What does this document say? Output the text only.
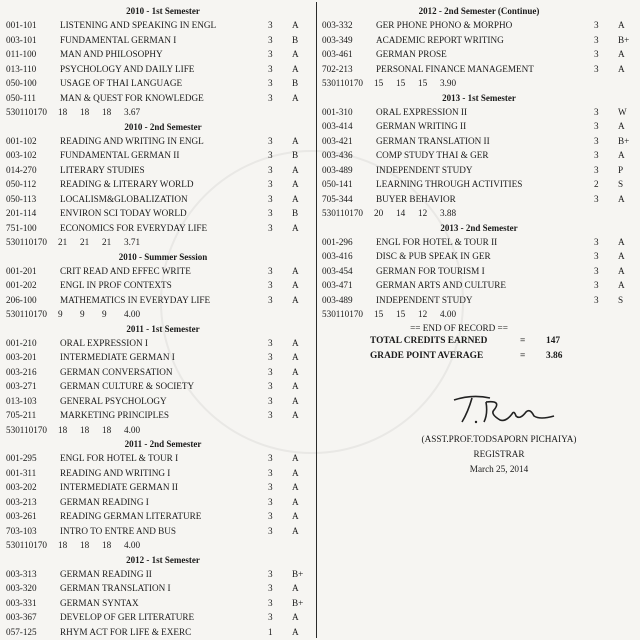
2010 - 1st Semester
001-101	LISTENING AND SPEAKING IN ENGL	3	A
003-101	FUNDAMENTAL GERMAN I	3	B
011-100	MAN AND PHILOSOPHY	3	A
013-110	PSYCHOLOGY AND DAILY LIFE	3	A
050-100	USAGE OF THAI LANGUAGE	3	B
050-111	MAN & QUEST FOR KNOWLEDGE	3	A
530110170	18	18	18	3.67
2010 - 2nd Semester
001-102	READING AND WRITING IN ENGL	3	A
003-102	FUNDAMENTAL GERMAN II	3	B
014-270	LITERARY STUDIES	3	A
050-112	READING & LITERARY WORLD	3	A
050-113	LOCALISM&GLOBALIZATION	3	A
201-114	ENVIRON SCI TODAY WORLD	3	B
751-100	ECONOMICS FOR EVERYDAY LIFE	3	A
530110170	21	21	21	3.71
2010 - Summer Session
001-201	CRIT READ AND EFFEC WRITE	3	A
001-202	ENGL IN PROF CONTEXTS	3	A
206-100	MATHEMATICS IN EVERYDAY LIFE	3	A
530110170	9	9	9	4.00
2011 - 1st Semester
001-210	ORAL EXPRESSION I	3	A
003-201	INTERMEDIATE GERMAN I	3	A
003-216	GERMAN CONVERSATION	3	A
003-271	GERMAN CULTURE & SOCIETY	3	A
013-103	GENERAL PSYCHOLOGY	3	A
705-211	MARKETING PRINCIPLES	3	A
530110170	18	18	18	4.00
2011 - 2nd Semester
001-295	ENGL FOR HOTEL & TOUR I	3	A
001-311	READING AND WRITING I	3	A
003-202	INTERMEDIATE GERMAN II	3	A
003-213	GERMAN READING I	3	A
003-261	READING GERMAN LITERATURE	3	A
703-103	INTRO TO ENTRE AND BUS	3	A
530110170	18	18	18	4.00
2012 - 1st Semester
003-313	GERMAN READING II	3	B+
003-320	GERMAN TRANSLATION I	3	A
003-331	GERMAN SYNTAX	3	B+
003-367	DEVELOP OF GER LITERATURE	3	A
057-125	RHYM ACT FOR LIFE & EXERC	1	A
2012 - 2nd Semester (Continue)
003-332	GER PHONE PHONO & MORPHO	3	A
003-349	ACADEMIC REPORT WRITING	3	B+
003-461	GERMAN PROSE	3	A
702-213	PERSONAL FINANCE MANAGEMENT	3	A
530110170	15	15	15	3.90
2013 - 1st Semester
001-310	ORAL EXPRESSION II	3	W
003-414	GERMAN WRITING II	3	A
003-421	GERMAN TRANSLATION II	3	B+
003-436	COMP STUDY THAI & GER	3	A
003-489	INDEPENDENT STUDY	3	P
050-141	LEARNING THROUGH ACTIVITIES	2	S
705-344	BUYER BEHAVIOR	3	A
530110170	20	14	12	3.88
2013 - 2nd Semester
001-296	ENGL FOR HOTEL & TOUR II	3	A
003-416	DISC & PUB SPEAK IN GER	3	A
003-454	GERMAN FOR TOURISM I	3	A
003-471	GERMAN ARTS AND CULTURE	3	A
003-489	INDEPENDENT STUDY	3	S
530110170	15	15	12	4.00
== END OF RECORD ==
TOTAL CREDITS EARNED	=	147
GRADE POINT AVERAGE	=	3.86
(ASST.PROF.TODSAPORN PICHAIYA)
REGISTRAR
March 25, 2014
